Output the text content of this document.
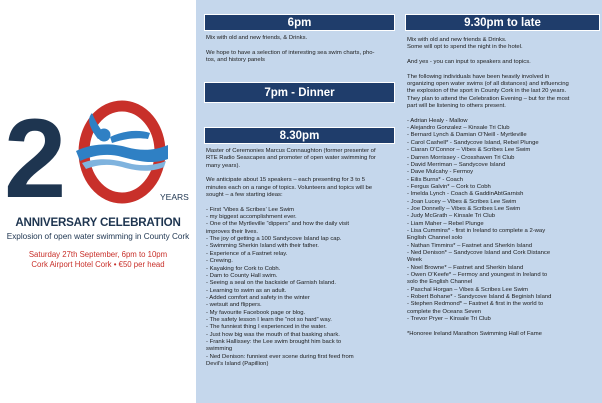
2	YEARS
ANNIVERSARY CELEBRATION
Explosion of open water swimming in County Cork
Saturday 27th September, 6pm to 10pm
Cork Airport Hotel Cork • €50 per head
6pm

Mix with old and new friends, & Drinks.

We hope to have a selection of interesting sea swim charts, pho-
tos, and history panels
7pm - Dinner
8.30pm
Master of Ceremonies Marcus Connaughton (former presenter of
RTE Radio Seascapes and promoter of open water swimming for
many years).
We anticipate about 15 speakers – each presenting for 3 to 5
minutes each on a range of topics. Volunteers and topics will be
sought – a few starting ideas:
- First ‘Vibes & Scribes’ Lee Swim
- my biggest accomplishment ever.
- One of the Myrtleville “dippers” and how the daily visit
improves their lives.
- The joy of getting a 100 Sandycove Island lap cap.
- Swimming Sherkin Island with their father.
- Experience of a Fastnet relay.
- Crewing.
- Kayaking for Cork to Cobh.
- Dam to County Hall swim.
- Seeing a seal on the backside of Garnish Island.
- Learning to swim as an adult.
- Added comfort and safety in the winter
- wetsuit and flippers.
- My favourite Facebook page or blog.
- The safety lesson I learn the “not so hard” way.
- The funniest thing I experienced in the water.
- Just how big was the mouth of that basking shark.
- Frank Hallissey: the Lee swim brought him back to
swimming
- Ned Denison: funniest ever scene during first feed from
Devil’s Island (Papillion)
9.30pm to late
Mix with old and new friends & Drinks.
Some will opt to spend the night in the hotel.
And yes - you can input to speakers and topics.
The following individuals have been heavily involved in
organizing open water swims (of all distances) and influencing
the explosion of the sport in County Cork in the last 20 years.
They plan to attend the Celebration Evening – but for the most
part will be listening to others present.
- Adrian Healy - Mallow
- Alejandro Gonzalez – Kinsale Tri Club
- Bernard Lynch & Damian O’Neill - Myrtleville
- Carol Cashell* - Sandycove Island, Rebel Plunge
- Ciaran O’Connor – Vibes & Scribes Lee Swim
- Darren Morrissey - Crosshaven Tri Club
- David Merriman – Sandycove Island
- Dave Mulcahy - Fermoy
- Eilis Burns* - Coach
- Fergus Galvin* – Cork to Cobh
- Imelda Lynch - Coach & GaddinAbtGarnish
- Joan Lucey – Vibes & Scribes Lee Swim
- Joe Donnelly – Vibes & Scribes Lee Swim
- Judy McGrath – Kinsale Tri Club
- Liam Maher – Rebel Plunge
- Lisa Cummins* - first in Ireland to complete a 2-way
English Channel solo
- Nathan Timmins* – Fastnet and Sherkin Island
- Ned Denison* – Sandycove Island and Cork Distance
Week
- Noel Browne* – Fastnet and Sherkin Island
- Owen O’Keefe* – Fermoy and youngest in Ireland to
solo the English Channel
- Paschal Horgan – Vibes & Scribes Lee Swim
- Robert Bohane* - Sandycove Island & Beginish Island
- Stephen Redmond* – Fastnet & first in the world to
complete the Oceans Seven
- Trevor Pryer – Kinsale Tri Club
*Honoree Ireland Marathon Swimming Hall of Fame
